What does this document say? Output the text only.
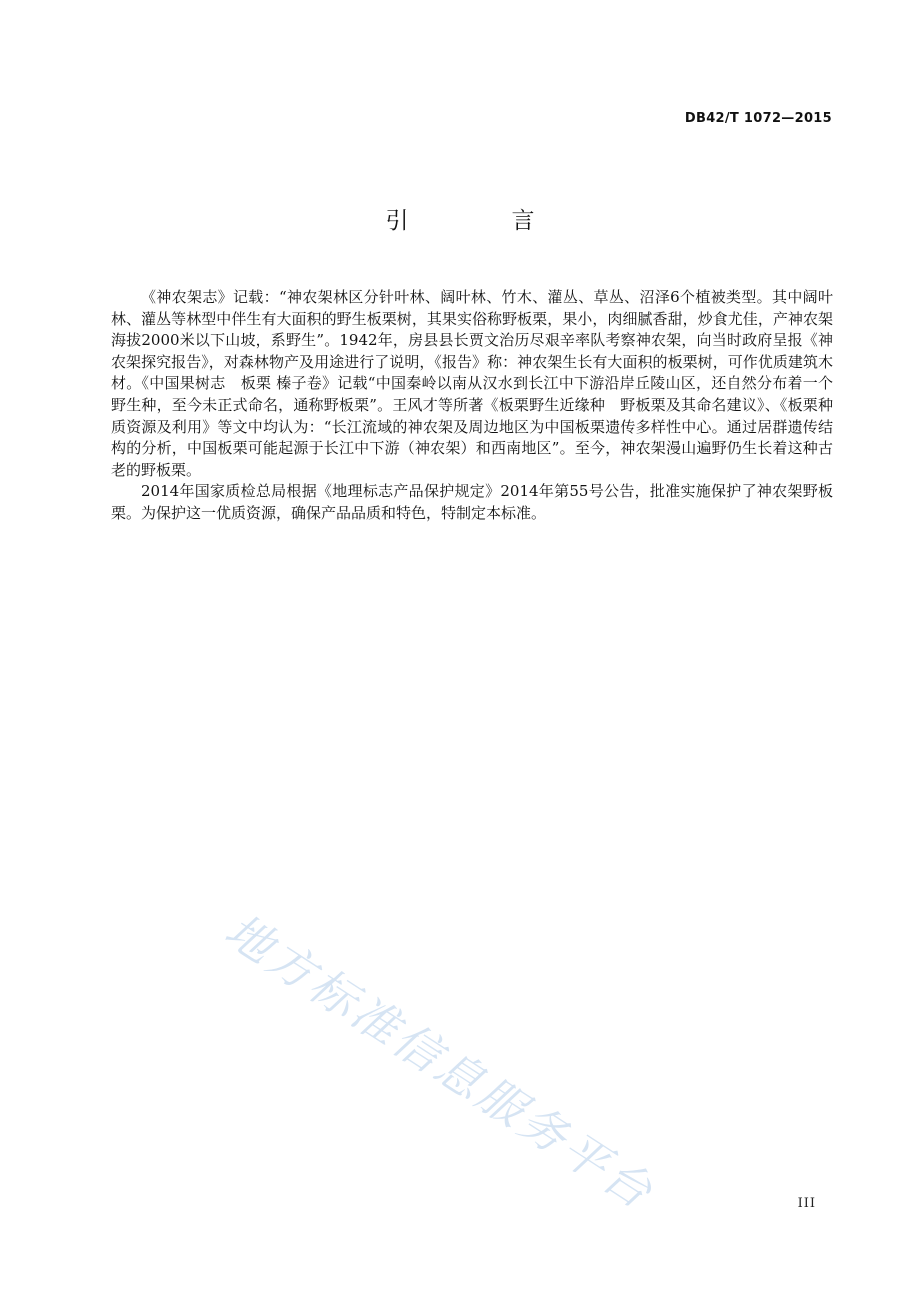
DB42/T 1072—2015
引　言

《神农架志》记载：“神农架林区分针叶林、阔叶林、竹木、灌丛、草丛、沼泽6个植被类型。其中阔叶林、灌丛等林型中伴生有大面积的野生板栗树，其果实俗称野板栗，果小，肉细腻香甜，炒食尤佳，产神农架海拔2000米以下山坡，系野生”。1942年，房县县长贾文治历尽艰辛率队考察神农架，向当时政府呈报《神农架探究报告》，对森林物产及用途进行了说明，《报告》称：神农架生长有大面积的板栗树，可作优质建筑木材。《中国果树志　板栗 榛子卷》记载“中国秦岭以南从汉水到长江中下游沿岸丘陵山区，还自然分布着一个野生种，至今未正式命名，通称野板栗”。王风才等所著《板栗野生近缘种　野板栗及其命名建议》、《板栗种质资源及利用》等文中均认为：“长江流域的神农架及周边地区为中国板栗遗传多样性中心。通过居群遗传结构的分析，中国板栗可能起源于长江中下游（神农架）和西南地区”。至今，神农架漫山遍野仍生长着这种古老的野板栗。

2014年国家质检总局根据《地理标志产品保护规定》2014年第55号公告，批准实施保护了神农架野板栗。为保护这一优质资源，确保产品品质和特色，特制定本标准。

地方标准信息服务平台	III
